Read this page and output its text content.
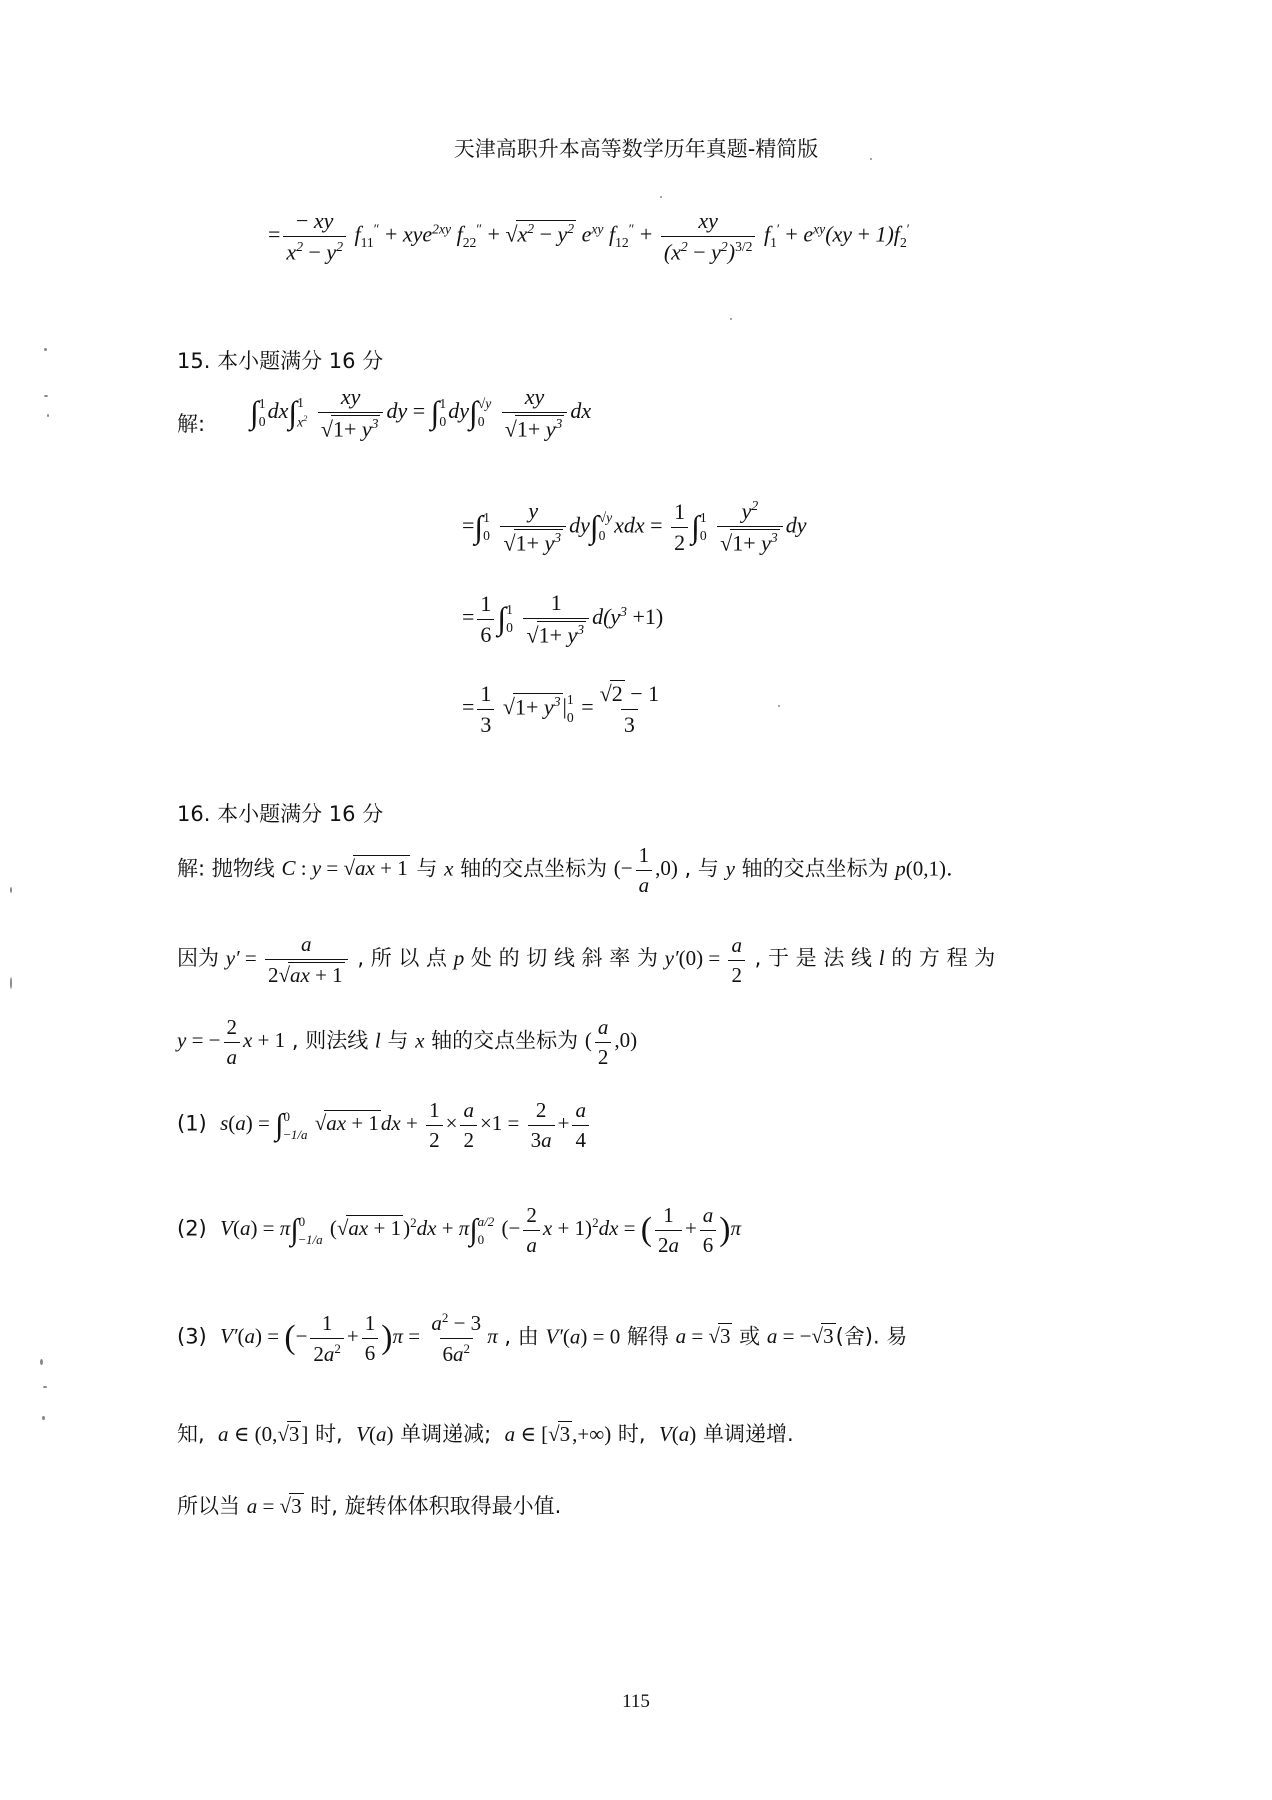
天津高职升本高等数学历年真题-精简版
= $\frac{- xy}{x^2 - y^2} f_{11}'' + xye^{2xy}$ $f_{22}'' + √x^2 - y^2$ $e^{xy}$ $f_{12}'' + \frac{xy}{(x^2 - y^2)^{3/2}} f_1' + e^{xy}(xy + 1)f_2'$
15. 本小题满分 16 分
解: ∫ 1
0 dx∫ 1
$x^2$
$\frac{xy}{√1+ y^3}$ dy = ∫ 1
0 dy∫ √y
0
$\frac{xy}{√1+ y^3}$ dx
=∫ 1
0
$\frac{y}{√1+ y^3} dy\int$ √y
0 xdx = $\frac{1}{2}$ ∫ 1
0
$\frac{y^2}{√1+ y^3}$ dy
= $\frac{1}{6}$ ∫ 1
0
$\frac{1}{√1+ y^3} d(y^3 +1)$
= $\frac{1}{3} √1+ y^3|$ 1
$0 = \frac{√2 - 1}{3}$
16. 本小题满分 16 分
解: 抛物线 C : y = √ax + 1 与 x 轴的交点坐标为 (− $\frac{1}{a} ,0$) , 与 y 轴的交点坐标为 p(0,1).
因为 $y' = \frac{a}{2√ax + 1}$ , 所 以 点 p 处 的 切 线 斜 率 为 $y'(0) = \frac{a}{2}$ , 于 是 法 线 l 的 方 程 为
y = − $\frac{2}{a}$ x + 1 , 则法线 l 与 x 轴的交点坐标为 ( $\frac{a}{2} ,0$)
(1) s(a) = ∫ 0
−1/a $√ax + 1dx + \frac{1}{2} \times \frac{a}{2} \times 1 = \frac{2}{3a} + \frac{a}{4}$
(2) V(a) = π∫ 0
−1/a $(√ax + 1)^2dx + \pi\int$ a/2
0 (− $\frac{2}{a}$ x + 1)$^2$dx = ( $\frac{1}{2a} + \frac{a}{6} )\pi$
(3) V′(a) = (− $\frac{1}{2a^2} + \frac{1}{6} )\pi = \frac{a^2 - 3}{6a^2}$ π , 由 V′(a) = 0 解得 a = √3 或 a = −√3(舍). 易
知, a ∈ (0,√3] 时, V(a) 单调递减; a ∈ [√3,+∞) 时, V(a) 单调递增.
所以当 a = √3 时, 旋转体体积取得最小值.
115
